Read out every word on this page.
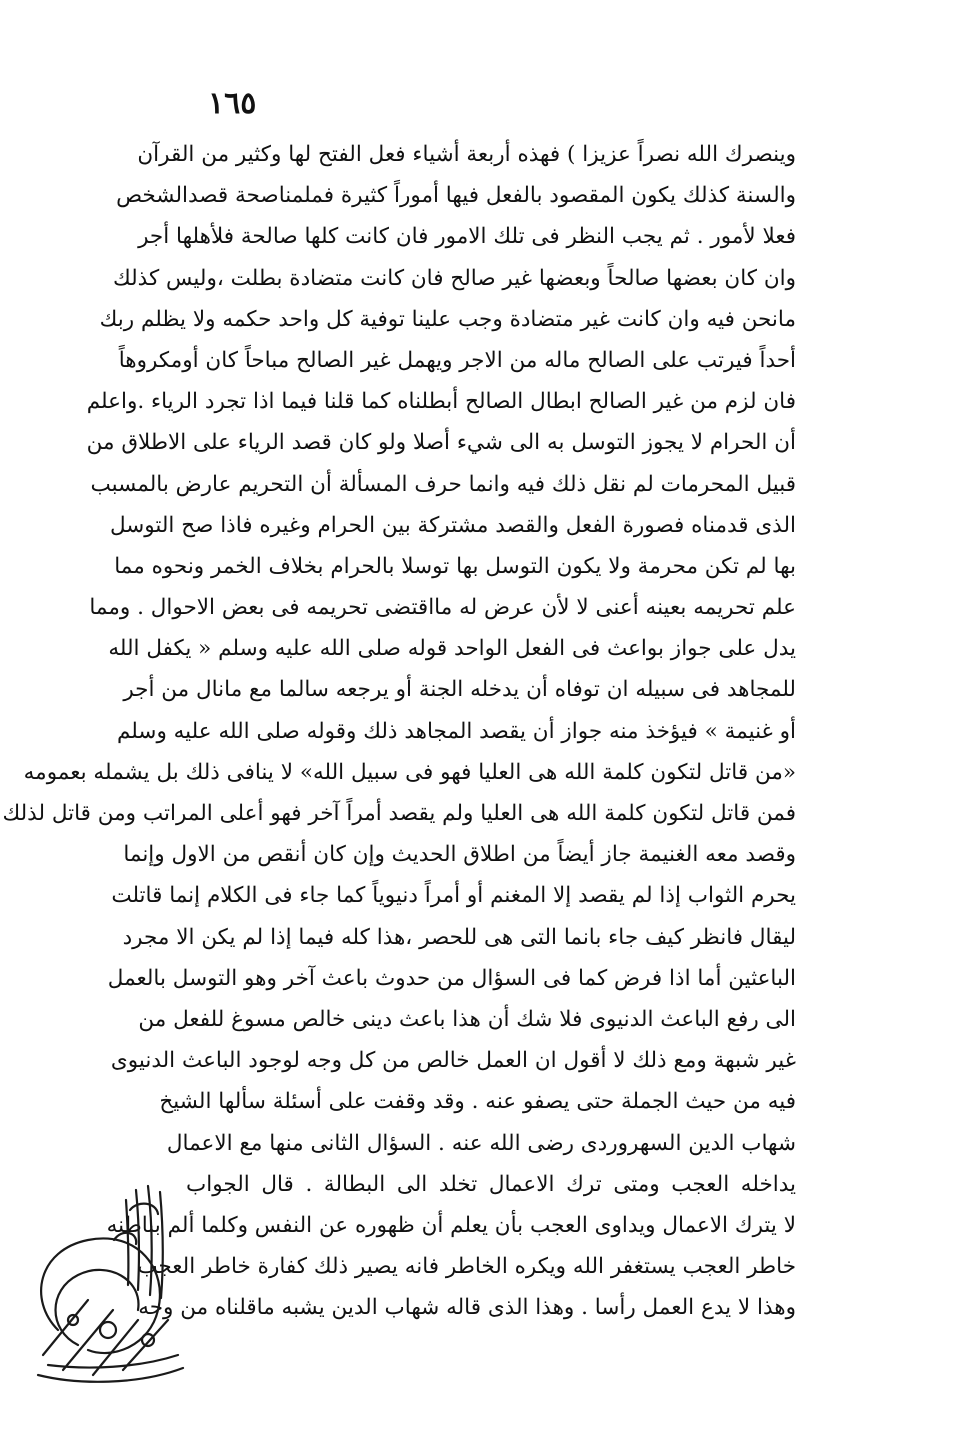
١٦٥
وينصرك الله نصراً عزيزا ) فهذه أربعة أشياء فعل الفتح لها وكثير من القرآن
والسنة كذلك يكون المقصود بالفعل فيها أموراً كثيرة فملمناصحة قصدالشخص
فعلا لأمور . ثم يجب النظر فى تلك الامور فان كانت كلها صالحة فلأهلها أجر
وان كان بعضها صالحاً وبعضها غير صالح فان كانت متضادة بطلت ،وليس كذلك
مانحن فيه وان كانت غير متضادة وجب علينا توفية كل واحد حكمه ولا يظلم ربك
أحداً فيرتب على الصالح ماله من الاجر ويهمل غير الصالح مباحاً كان أومكروهاً
فان لزم من غير الصالح ابطال الصالح أبطلناه كما قلنا فيما اذا تجرد الرياء .واعلم
أن الحرام لا يجوز التوسل به الى شيء أصلا ولو كان قصد الرياء على الاطلاق من
قبيل المحرمات لم نقل ذلك فيه وانما حرف المسألة أن التحريم عارض بالمسبب
الذى قدمناه فصورة الفعل والقصد مشتركة بين الحرام وغيره فاذا صح التوسل
بها لم تكن محرمة ولا يكون التوسل بها توسلا بالحرام بخلاف الخمر ونحوه مما
علم تحريمه بعينه أعنى لا لأن عرض له مااقتضى تحريمه فى بعض الاحوال . ومما
يدل على جواز بواعث فى الفعل الواحد قوله صلى الله عليه وسلم « يكفل الله
للمجاهد فى سبيله ان توفاه أن يدخله الجنة أو يرجعه سالما مع مانال من أجر
أو غنيمة » فيؤخذ منه جواز أن يقصد المجاهد ذلك وقوله صلى الله عليه وسلم
«من قاتل لتكون كلمة الله هى العليا فهو فى سبيل الله» لا ينافى ذلك بل يشمله بعمومه
فمن قاتل لتكون كلمة الله هى العليا ولم يقصد أمراً آخر فهو أعلى المراتب ومن قاتل لذلك
وقصد معه الغنيمة جاز أيضاً من اطلاق الحديث وإن كان أنقص من الاول وإنما
يحرم الثواب إذا لم يقصد إلا المغنم أو أمراً دنيوياً كما جاء فى الكلام إنما قاتلت
ليقال فانظر كيف جاء بانما التى هى للحصر ،هذا كله فيما إذا لم يكن الا مجرد
الباعثين أما اذا فرض كما فى السؤال من حدوث باعث آخر وهو التوسل بالعمل
الى رفع الباعث الدنيوى فلا شك أن هذا باعث دينى خالص مسوغ للفعل من
غير شبهة ومع ذلك لا أقول ان العمل خالص من كل وجه لوجود الباعث الدنيوى
فيه من حيث الجملة حتى يصفو عنه . وقد وقفت على أسئلة سألها الشيخ
شهاب الدين السهروردى رضى الله عنه . السؤال الثانى منها مع الاعمال
يداخله العجب ومتى ترك الاعمال تخلد الى البطالة . قال الجواب
لا يترك الاعمال ويداوى العجب بأن يعلم أن ظهوره عن النفس وكلما ألم بباطنه
خاطر العجب يستغفر الله ويكره الخاطر فانه يصير ذلك كفارة خاطر العجب
وهذا لا يدع العمل رأسا . وهذا الذى قاله شهاب الدين يشبه ماقلناه من وجه
